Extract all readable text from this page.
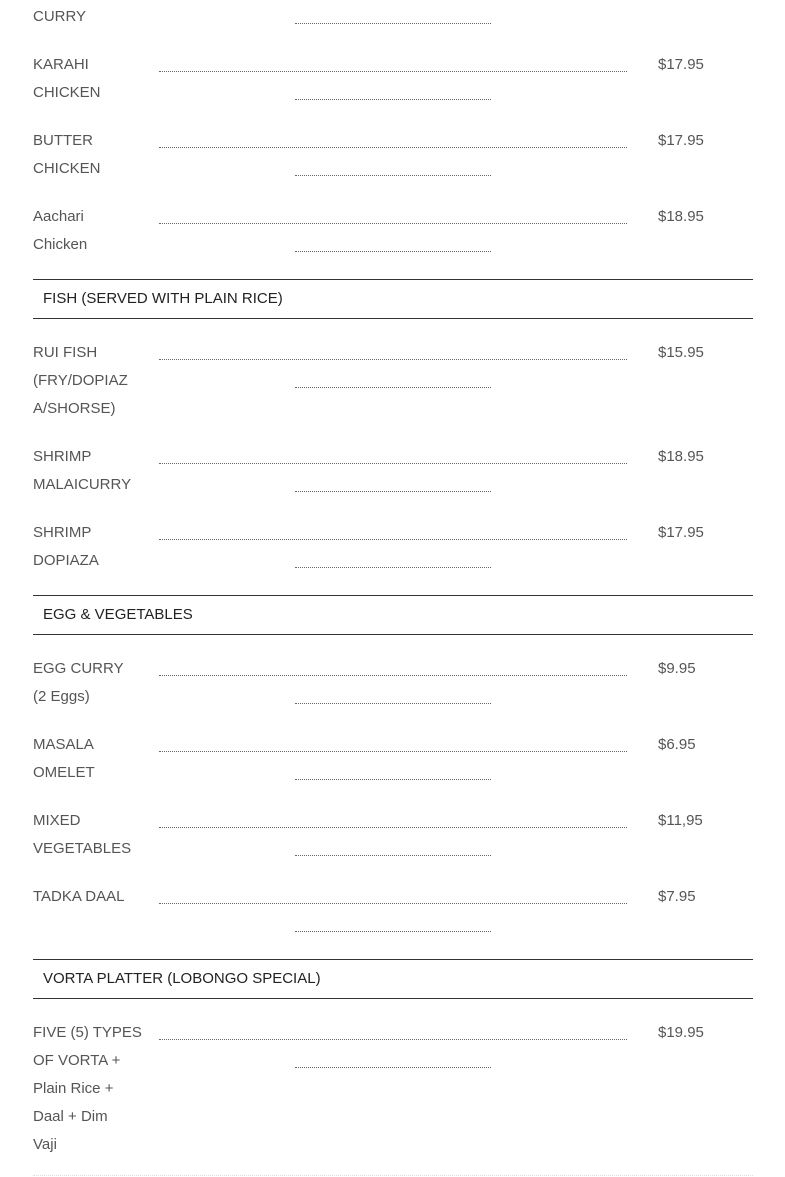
CURRY
KARAHI
CHICKEN
$17.95
BUTTER
CHICKEN
$17.95
Aachari
Chicken
$18.95
FISH (SERVED WITH PLAIN RICE)
RUI FISH
(FRY/DOPIAZ
A/SHORSE)
$15.95
SHRIMP
MALAICURRY
$18.95
SHRIMP
DOPIAZA
$17.95
EGG & VEGETABLES
EGG CURRY
(2 Eggs)
$9.95
MASALA
OMELET
$6.95
MIXED
VEGETABLES
$11,95
TADKA DAAL	$7.95
VORTA PLATTER (LOBONGO SPECIAL)
FIVE (5) TYPES
OF VORTA +
Plain Rice +
Daal + Dim
Vaji
$19.95
